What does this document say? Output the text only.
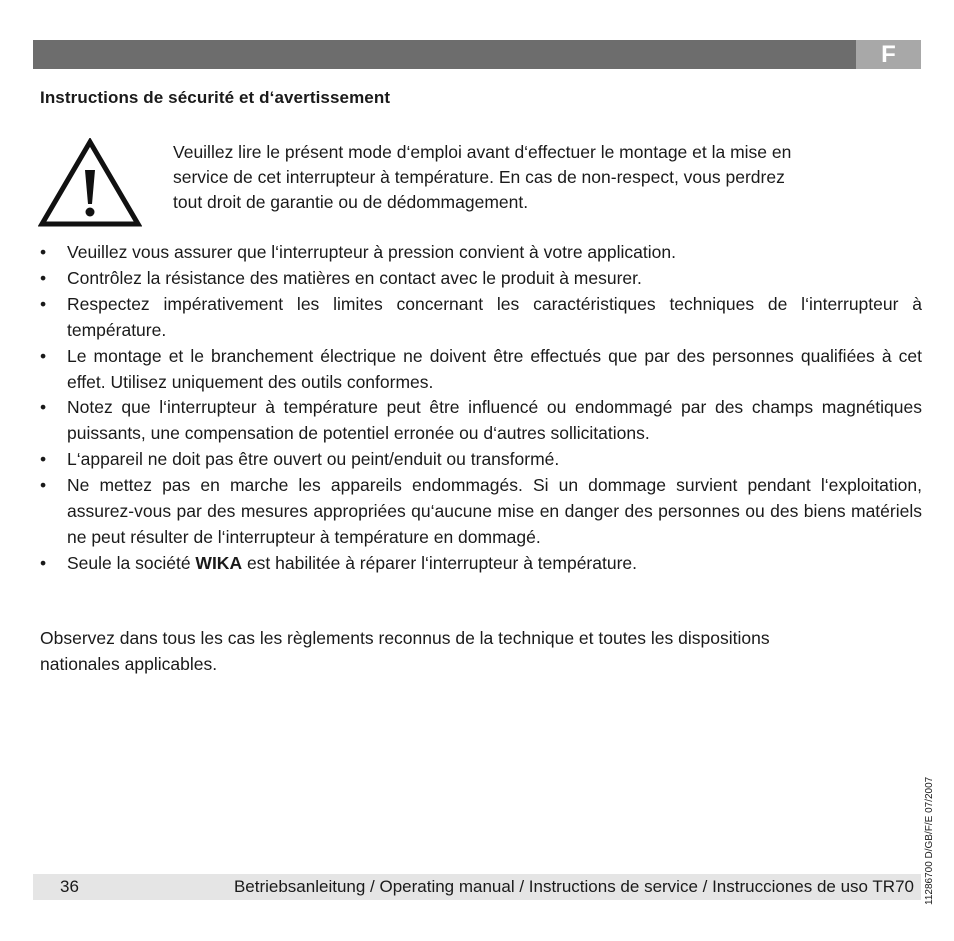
F
Instructions de sécurité et d‘avertissement
Veuillez lire le présent mode d‘emploi avant d‘effectuer le montage et la mise en
service de cet interrupteur à température. En cas de non-respect, vous perdrez
tout droit de garantie ou de dédommagement.
• Veuillez vous assurer que l‘interrupteur à pression convient à votre application.
• Contrôlez la résistance des matières en contact avec le produit à mesurer.
• Respectez impérativement les limites concernant les caractéristiques techniques de l‘interrupteur à température.
• Le montage et le branchement électrique ne doivent être effectués que par des personnes qualifiées à cet effet. Utilisez uniquement des outils conformes.
• Notez que l‘interrupteur à température peut être influencé ou endommagé par des champs magnétiques puissants, une compensation de potentiel erronée ou d‘autres sollicitations.
• L‘appareil ne doit pas être ouvert ou peint/enduit ou transformé.
• Ne mettez pas en marche les appareils endommagés. Si un dommage survient pendant l‘exploitation, assurez-vous par des mesures appropriées qu‘aucune mise en danger des personnes ou des biens matériels ne peut résulter de l‘interrupteur à température en dommagé.
• Seule la société WIKA est habilitée à réparer l‘interrupteur à température.
Observez dans tous les cas les règlements reconnus de la technique et toutes les dispositions
nationales applicables.
36	Betriebsanleitung / Operating manual / Instructions de service / Instrucciones de uso TR70 11286700 D/GB/F/E 07/2007
